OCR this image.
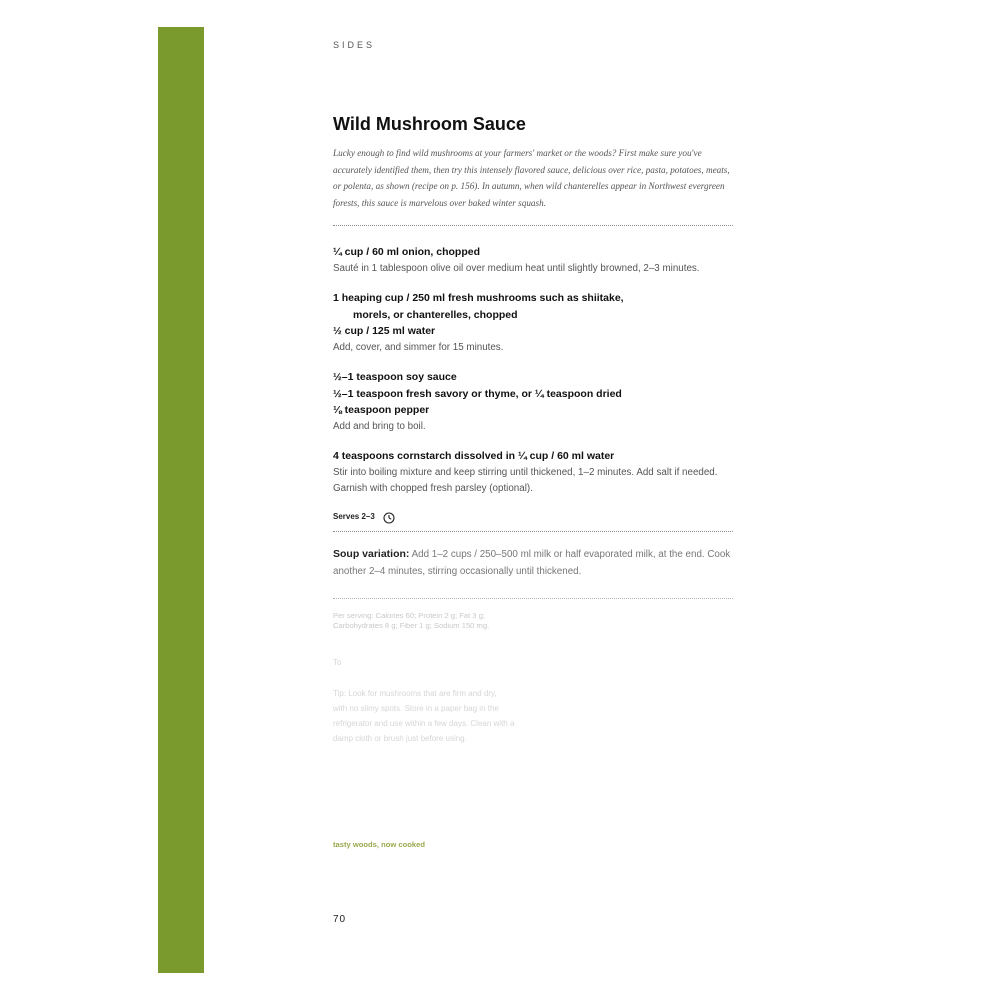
SIDES

Wild Mushroom Sauce

Lucky enough to find wild mushrooms at your farmers' market or the woods? First make sure you've accurately identified them, then try this intensely flavored sauce, delicious over rice, pasta, potatoes, meats, or polenta, as shown (recipe on p. 156). In autumn, when wild chanterelles appear in Northwest evergreen forests, this sauce is marvelous over baked winter squash.

¼ cup / 60 ml onion, chopped

Sauté in 1 tablespoon olive oil over medium heat until slightly browned, 2–3 minutes.

1 heaping cup / 250 ml fresh mushrooms such as shiitake,

morels, or chanterelles, chopped

½ cup / 125 ml water

Add, cover, and simmer for 15 minutes.

½–1 teaspoon soy sauce

½–1 teaspoon fresh savory or thyme, or ¼ teaspoon dried

⅛ teaspoon pepper

Add and bring to boil.

4 teaspoons cornstarch dissolved in ¼ cup / 60 ml water

Stir into boiling mixture and keep stirring until thickened, 1–2 minutes. Add salt if needed. Garnish with chopped fresh parsley (optional).

Serves 2–3

Soup variation: Add 1–2 cups / 250–500 ml milk or half evaporated milk, at the end. Cook another 2–4 minutes, stirring occasionally until thickened.

Per serving: Calories 60; Protein 2 g; Fat 3 g;

Carbohydrates 8 g; Fiber 1 g; Sodium 150 mg.

To

Tip: Look for mushrooms that are firm and dry,

with no slimy spots. Store in a paper bag in the

refrigerator and use within a few days. Clean with a

damp cloth or brush just before using.

tasty woods, now cooked
70
